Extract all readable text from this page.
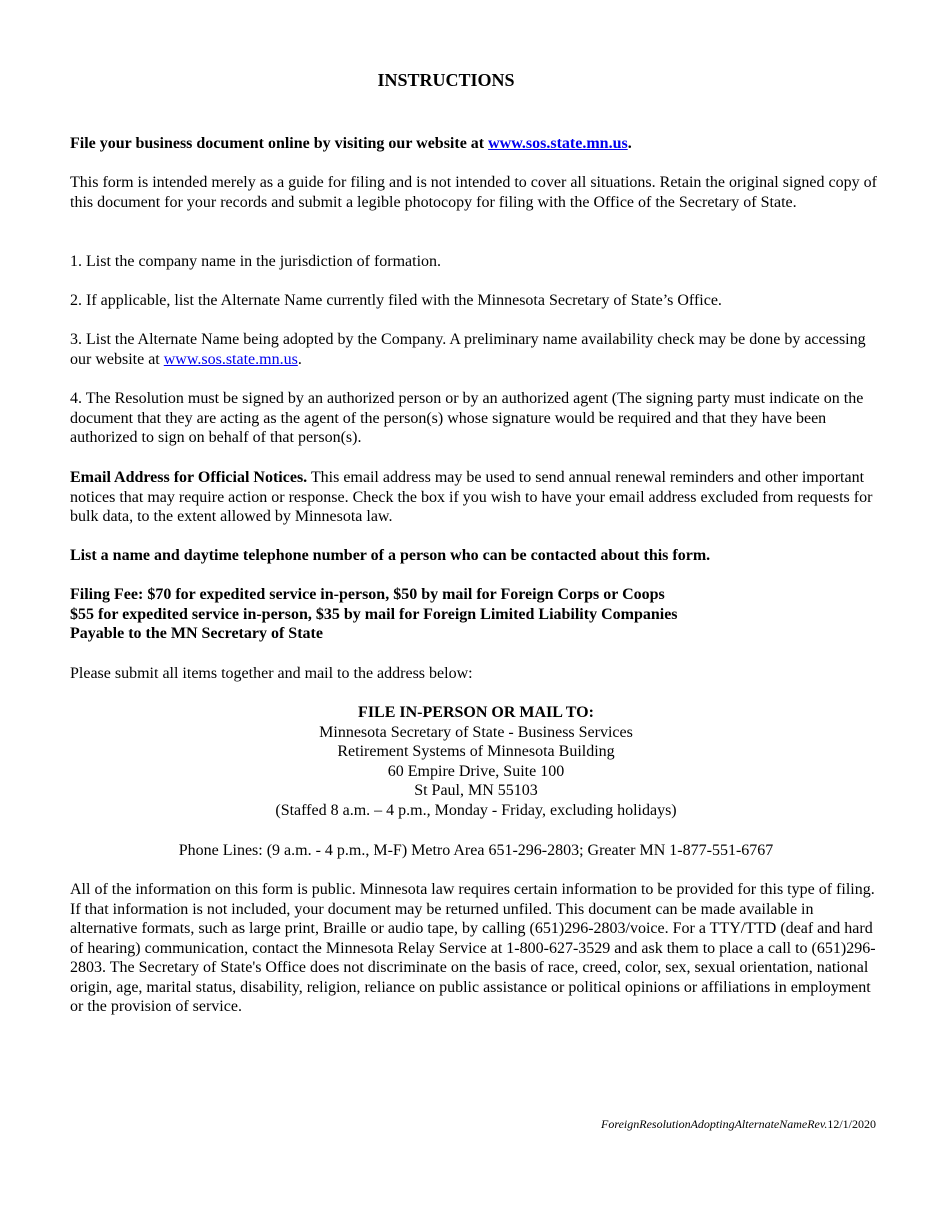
INSTRUCTIONS

File your business document online by visiting our website at www.sos.state.mn.us.

This form is intended merely as a guide for filing and is not intended to cover all situations. Retain the original signed copy of this document for your records and submit a legible photocopy for filing with the Office of the Secretary of State.

1. List the company name in the jurisdiction of formation.

2. If applicable, list the Alternate Name currently filed with the Minnesota Secretary of State’s Office.

3. List the Alternate Name being adopted by the Company. A preliminary name availability check may be done by accessing our website at www.sos.state.mn.us.

4. The Resolution must be signed by an authorized person or by an authorized agent (The signing party must indicate on the document that they are acting as the agent of the person(s) whose signature would be required and that they have been authorized to sign on behalf of that person(s).

Email Address for Official Notices. This email address may be used to send annual renewal reminders and other important notices that may require action or response. Check the box if you wish to have your email address excluded from requests for bulk data, to the extent allowed by Minnesota law.

List a name and daytime telephone number of a person who can be contacted about this form.

Filing Fee: $70 for expedited service in-person, $50 by mail for Foreign Corps or Coops
$55 for expedited service in-person, $35 by mail for Foreign Limited Liability Companies
Payable to the MN Secretary of State

Please submit all items together and mail to the address below:

FILE IN-PERSON OR MAIL TO:
Minnesota Secretary of State - Business Services
Retirement Systems of Minnesota Building
60 Empire Drive, Suite 100
St Paul, MN 55103
(Staffed 8 a.m. – 4 p.m., Monday - Friday, excluding holidays)
Phone Lines: (9 a.m. - 4 p.m., M-F) Metro Area 651-296-2803; Greater MN 1-877-551-6767

All of the information on this form is public. Minnesota law requires certain information to be provided for this type of filing. If that information is not included, your document may be returned unfiled. This document can be made available in alternative formats, such as large print, Braille or audio tape, by calling (651)296-2803/voice. For a TTY/TTD (deaf and hard of hearing) communication, contact the Minnesota Relay Service at 1-800-627-3529 and ask them to place a call to (651)296-2803. The Secretary of State's Office does not discriminate on the basis of race, creed, color, sex, sexual orientation, national origin, age, marital status, disability, religion, reliance on public assistance or political opinions or affiliations in employment or the provision of service.

ForeignResolutionAdoptingAlternateNameRev.12/1/2020
